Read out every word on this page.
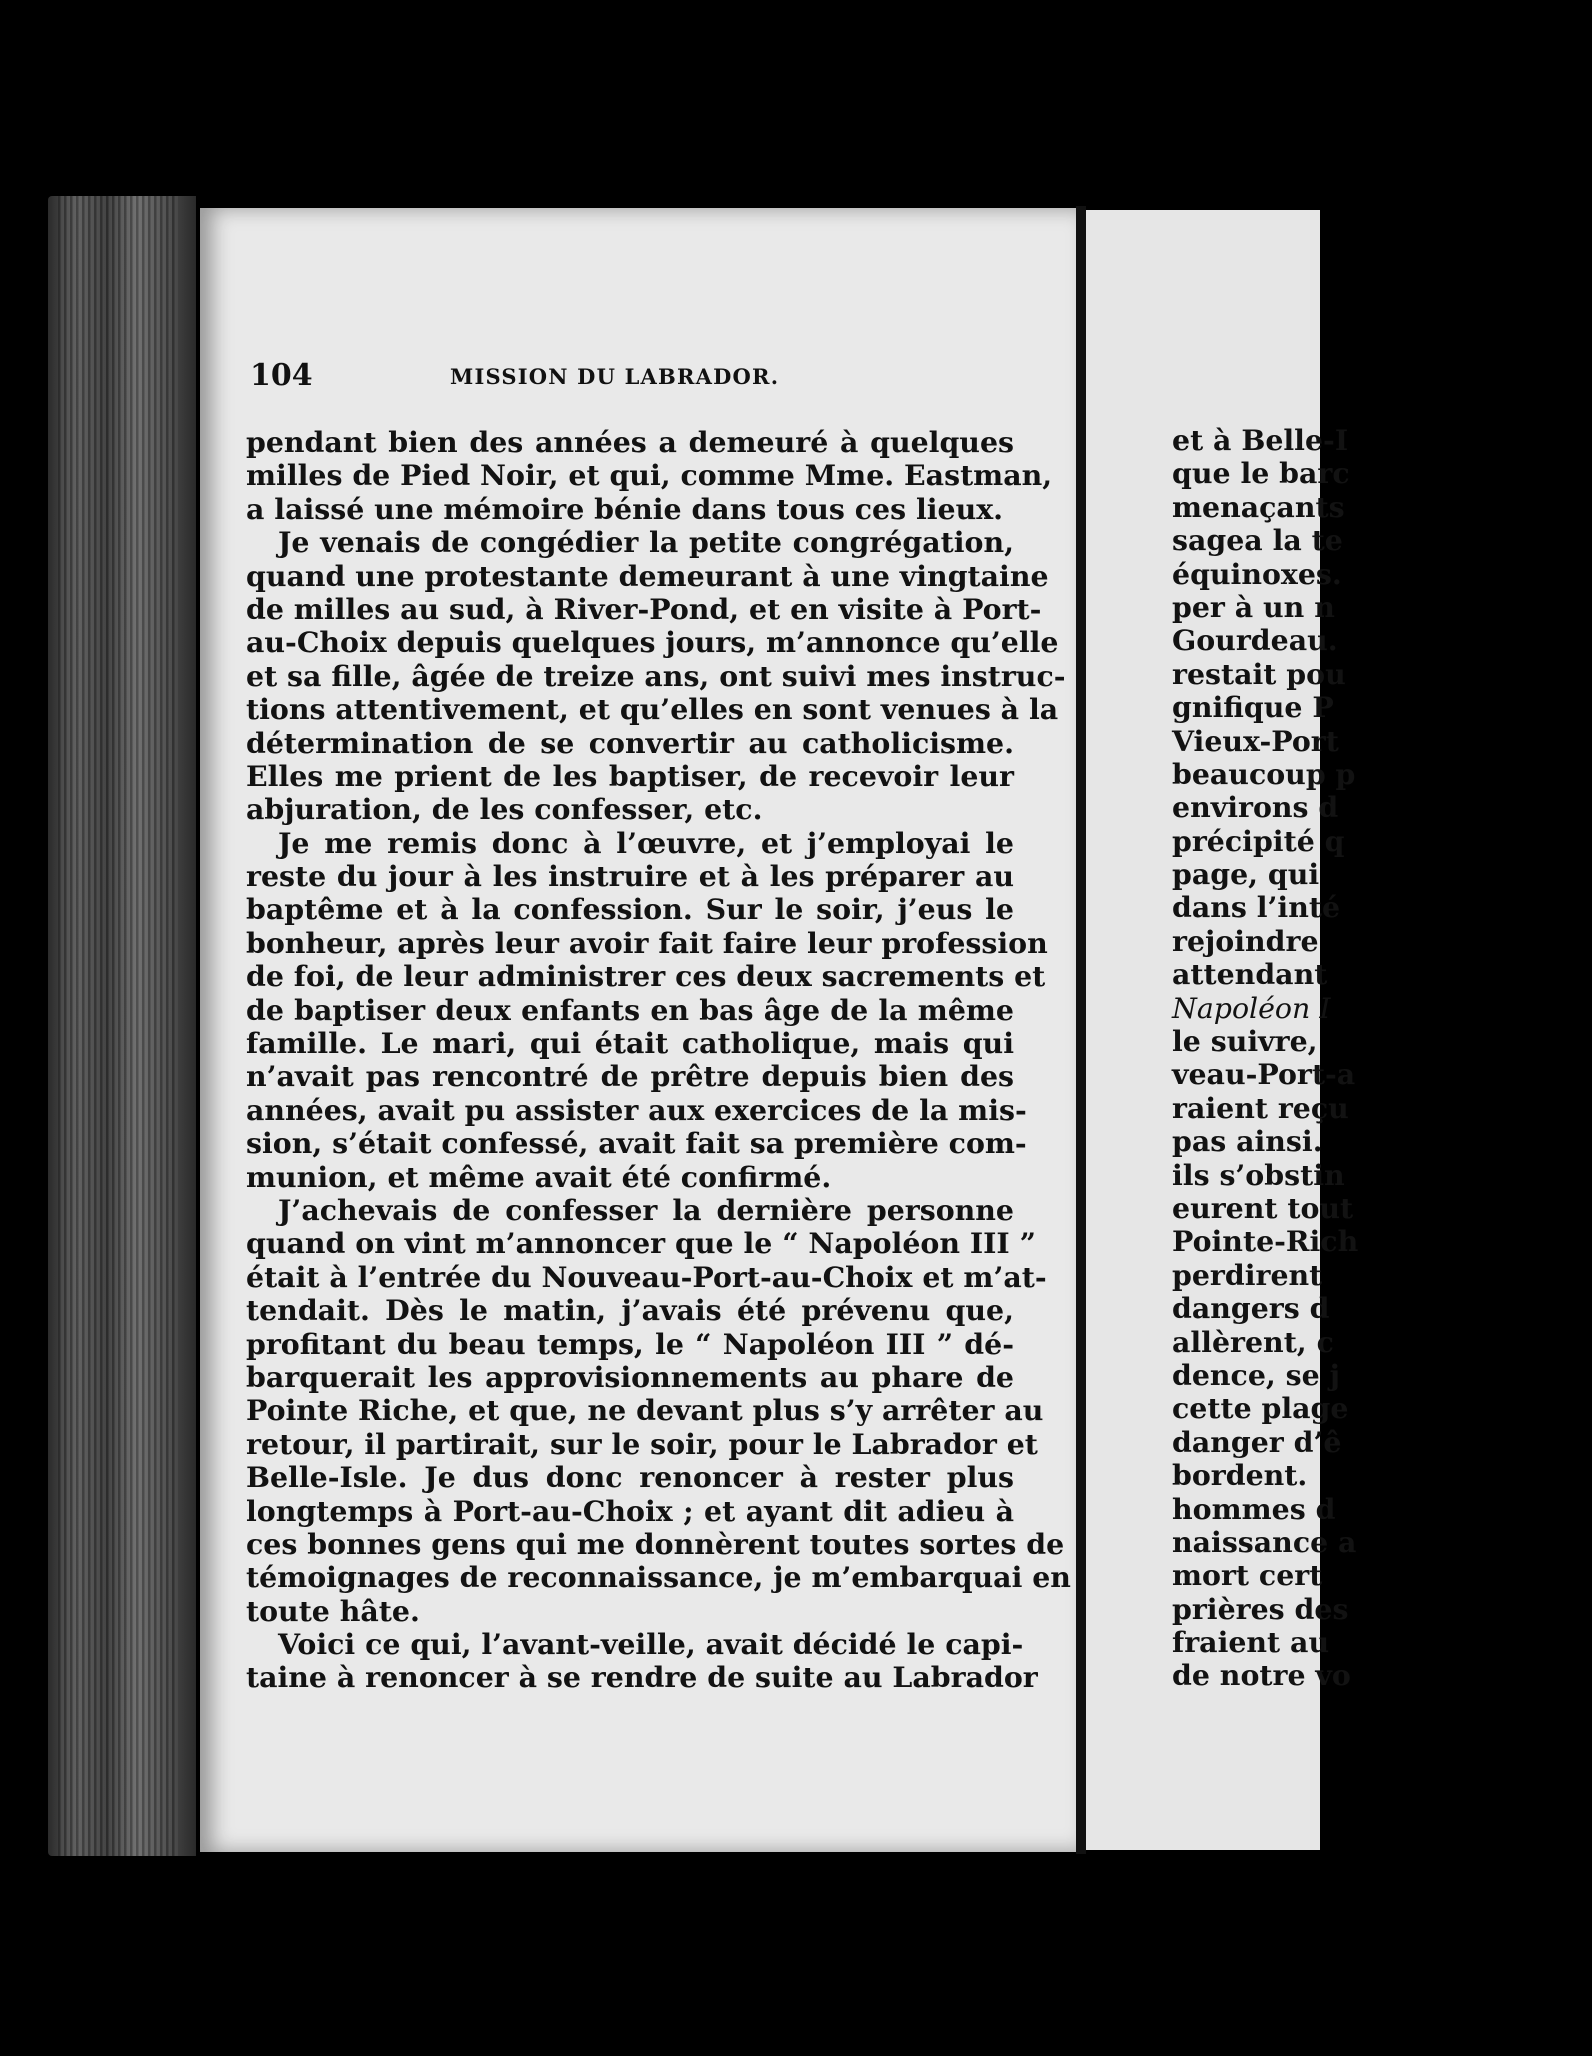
104	MISSION DU LABRADOR.
pendant bien des années a demeuré à quelques
milles de Pied Noir, et qui, comme Mme. Eastman,
a laissé une mémoire bénie dans tous ces lieux.
Je venais de congédier la petite congrégation,
quand une protestante demeurant à une vingtaine
de milles au sud, à River-Pond, et en visite à Port-
au-Choix depuis quelques jours, m’annonce qu’elle
et sa fille, âgée de treize ans, ont suivi mes instruc-
tions attentivement, et qu’elles en sont venues à la
détermination de se convertir au catholicisme.
Elles me prient de les baptiser, de recevoir leur
abjuration, de les confesser, etc.
Je me remis donc à l’œuvre, et j’employai le
reste du jour à les instruire et à les préparer au
baptême et à la confession. Sur le soir, j’eus le
bonheur, après leur avoir fait faire leur profession
de foi, de leur administrer ces deux sacrements et
de baptiser deux enfants en bas âge de la même
famille. Le mari, qui était catholique, mais qui
n’avait pas rencontré de prêtre depuis bien des
années, avait pu assister aux exercices de la mis-
sion, s’était confessé, avait fait sa première com-
munion, et même avait été confirmé.
J’achevais de confesser la dernière personne
quand on vint m’annoncer que le “ Napoléon III ”
était à l’entrée du Nouveau-Port-au-Choix et m’at-
tendait. Dès le matin, j’avais été prévenu que,
profitant du beau temps, le “ Napoléon III ” dé-
barquerait les approvisionnements au phare de
Pointe Riche, et que, ne devant plus s’y arrêter au
retour, il partirait, sur le soir, pour le Labrador et
Belle-Isle. Je dus donc renoncer à rester plus
longtemps à Port-au-Choix ; et ayant dit adieu à
ces bonnes gens qui me donnèrent toutes sortes de
témoignages de reconnaissance, je m’embarquai en
toute hâte.
Voici ce qui, l’avant-veille, avait décidé le capi-
taine à renoncer à se rendre de suite au Labrador
et à Belle-I
que le barc
menaçants
sagea la te
équinoxes.
per à un n
Gourdeau.
restait pou
gnifique P
Vieux-Port
beaucoup p
environs d
précipité q
page, qui
dans l’inté
rejoindre
attendant
Napoléon I
le suivre,
veau-Port-a
raient reçu
pas ainsi.
ils s’obstin
eurent tout
Pointe-Rich
perdirent
dangers d
allèrent, c
dence, se j
cette plage
danger d’ê
bordent.
hommes d
naissance a
mort cert
prières des
fraient au
de notre vo
